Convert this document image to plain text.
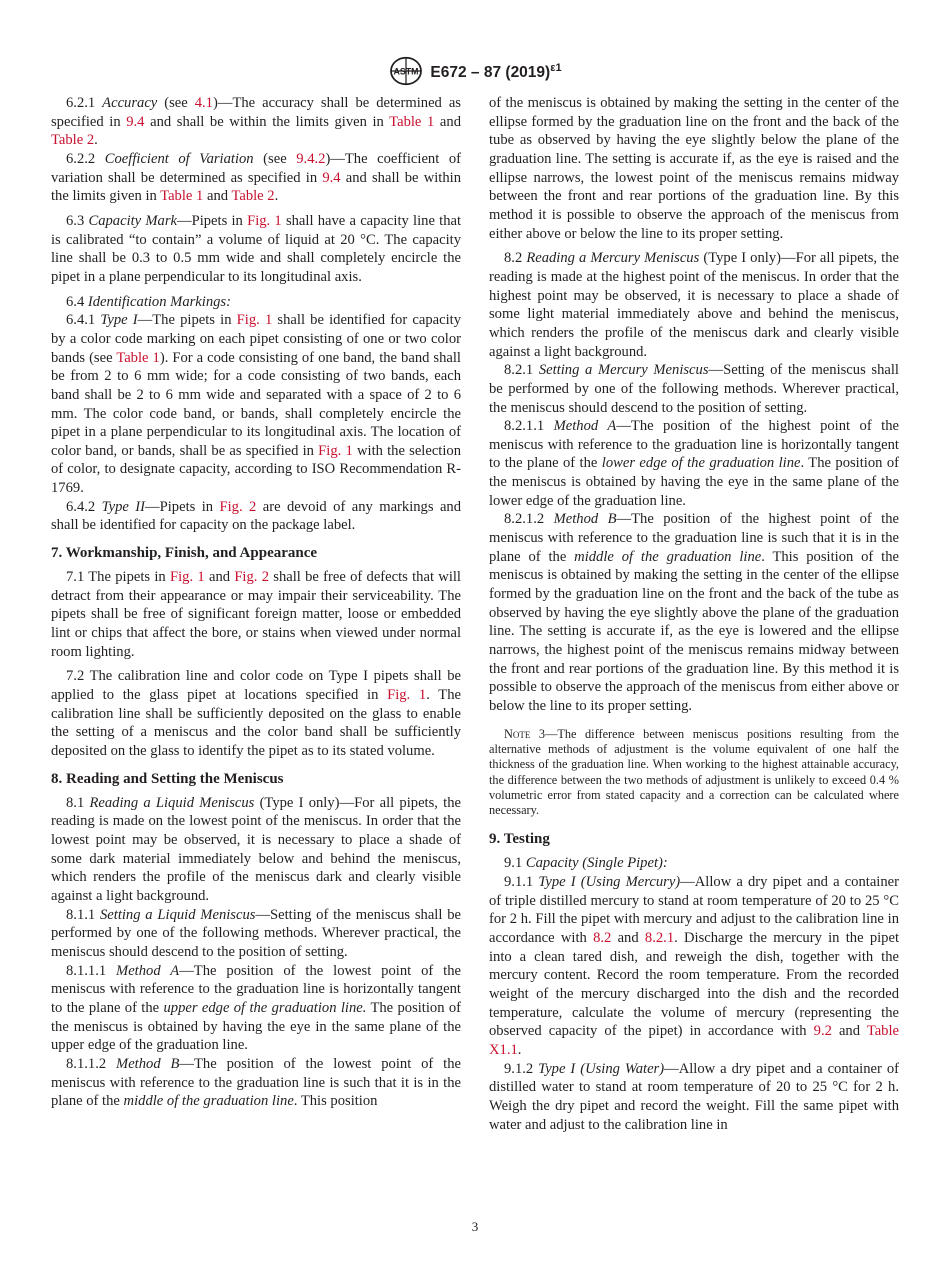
ASTM E672 – 87 $(2019)^{\varepsilon 1}$

6.2.1 Accuracy (see 4.1)—The accuracy shall be determined as specified in 9.4 and shall be within the limits given in Table 1 and Table 2.

6.2.2 Coefficient of Variation (see 9.4.2)—The coefficient of variation shall be determined as specified in 9.4 and shall be within the limits given in Table 1 and Table 2.

6.3 Capacity Mark—Pipets in Fig. 1 shall have a capacity line that is calibrated “to contain” a volume of liquid at 20 °C. The capacity line shall be 0.3 to 0.5 mm wide and shall completely encircle the pipet in a plane perpendicular to its longitudinal axis.

6.4 Identification Markings:

6.4.1 Type I—The pipets in Fig. 1 shall be identified for capacity by a color code marking on each pipet consisting of one or two color bands (see Table 1). For a code consisting of one band, the band shall be from 2 to 6 mm wide; for a code consisting of two bands, each band shall be 2 to 6 mm wide and separated with a space of 2 to 6 mm. The color code band, or bands, shall completely encircle the pipet in a plane perpendicular to its longitudinal axis. The location of color band, or bands, shall be as specified in Fig. 1 with the selection of color, to designate capacity, according to ISO Recommendation R-1769.

6.4.2 Type II—Pipets in Fig. 2 are devoid of any markings and shall be identified for capacity on the package label.

7. Workmanship, Finish, and Appearance

7.1 The pipets in Fig. 1 and Fig. 2 shall be free of defects that will detract from their appearance or may impair their serviceability. The pipets shall be free of significant foreign matter, loose or embedded lint or chips that affect the bore, or stains when viewed under normal room lighting.

7.2 The calibration line and color code on Type I pipets shall be applied to the glass pipet at locations specified in Fig. 1. The calibration line shall be sufficiently deposited on the glass to enable the setting of a meniscus and the color band shall be sufficiently deposited on the glass to identify the pipet as to its stated volume.

8. Reading and Setting the Meniscus

8.1 Reading a Liquid Meniscus (Type I only)—For all pipets, the reading is made on the lowest point of the meniscus. In order that the lowest point may be observed, it is necessary to place a shade of some dark material immediately below and behind the meniscus, which renders the profile of the meniscus dark and clearly visible against a light background.

8.1.1 Setting a Liquid Meniscus—Setting of the meniscus shall be performed by one of the following methods. Wherever practical, the meniscus should descend to the position of setting.

8.1.1.1 Method A—The position of the lowest point of the meniscus with reference to the graduation line is horizontally tangent to the plane of the upper edge of the graduation line. The position of the meniscus is obtained by having the eye in the same plane of the upper edge of the graduation line.

8.1.1.2 Method B—The position of the lowest point of the meniscus with reference to the graduation line is such that it is in the plane of the middle of the graduation line. This position

of the meniscus is obtained by making the setting in the center of the ellipse formed by the graduation line on the front and the back of the tube as observed by having the eye slightly below the plane of the graduation line. The setting is accurate if, as the eye is raised and the ellipse narrows, the lowest point of the meniscus remains midway between the front and rear portions of the graduation line. By this method it is possible to observe the approach of the meniscus from either above or below the line to its proper setting.

8.2 Reading a Mercury Meniscus (Type I only)—For all pipets, the reading is made at the highest point of the meniscus. In order that the highest point may be observed, it is necessary to place a shade of some light material immediately above and behind the meniscus, which renders the profile of the meniscus dark and clearly visible against a light background.

8.2.1 Setting a Mercury Meniscus—Setting of the meniscus shall be performed by one of the following methods. Wherever practical, the meniscus should descend to the position of setting.

8.2.1.1 Method A—The position of the highest point of the meniscus with reference to the graduation line is horizontally tangent to the plane of the lower edge of the graduation line. The position of the meniscus is obtained by having the eye in the same plane of the lower edge of the graduation line.

8.2.1.2 Method B—The position of the highest point of the meniscus with reference to the graduation line is such that it is in the plane of the middle of the graduation line. This position of the meniscus is obtained by making the setting in the center of the ellipse formed by the graduation line on the front and the back of the tube as observed by having the eye slightly above the plane of the graduation line. The setting is accurate if, as the eye is lowered and the ellipse narrows, the highest point of the meniscus remains midway between the front and rear portions of the graduation line. By this method it is possible to observe the approach of the meniscus from either above or below the line to its proper setting.

Note 3—The difference between meniscus positions resulting from the alternative methods of adjustment is the volume equivalent of one half the thickness of the graduation line. When working to the highest attainable accuracy, the difference between the two methods of adjustment is unlikely to exceed 0.4 % volumetric error from stated capacity and a correction can be calculated where necessary.

9. Testing

9.1 Capacity (Single Pipet):

9.1.1 Type I (Using Mercury)—Allow a dry pipet and a container of triple distilled mercury to stand at room temperature of 20 to 25 °C for 2 h. Fill the pipet with mercury and adjust to the calibration line in accordance with 8.2 and 8.2.1. Discharge the mercury in the pipet into a clean tared dish, and reweigh the dish, together with the mercury content. Record the room temperature. From the recorded weight of the mercury discharged into the dish and the recorded temperature, calculate the volume of mercury (representing the observed capacity of the pipet) in accordance with 9.2 and Table X1.1.

9.1.2 Type I (Using Water)—Allow a dry pipet and a container of distilled water to stand at room temperature of 20 to 25 °C for 2 h. Weigh the dry pipet and record the weight. Fill the same pipet with water and adjust to the calibration line in

3
